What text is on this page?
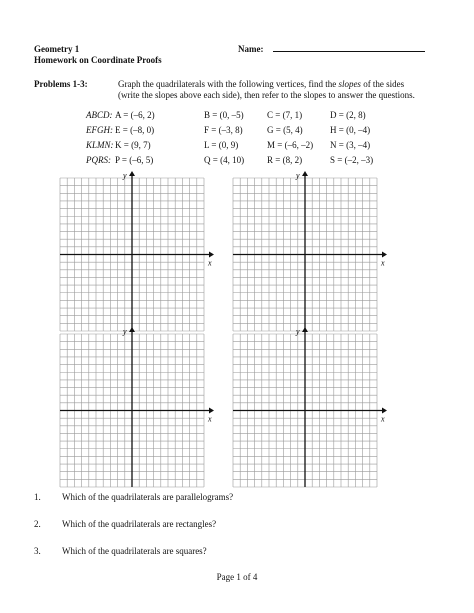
Geometry 1
Homework on Coordinate Proofs
Name:
Problems 1-3:	Graph the quadrilaterals with the following vertices, find the slopes of the sides
(write the slopes above each side), then refer to the slopes to answer the questions.
ABCD: A = (–6, 2)	B = (0, –5)	C = (7, 1)	D = (2, 8)
EFGH: E = (–8, 0)	F = (–3, 8)	G = (5, 4)	H = (0, –4)
KLMN: K = (9, 7)	L = (0, 9)	M = (–6, –2) N = (3, –4)
PQRS: P = (–6, 5)	Q = (4, 10)	R = (8, 2)	S = (–2, –3)
x
y
x
y
x
y
x
y
1. Which of the quadrilaterals are parallelograms?
2. Which of the quadrilaterals are rectangles?
3. Which of the quadrilaterals are squares?
Page 1 of 4
